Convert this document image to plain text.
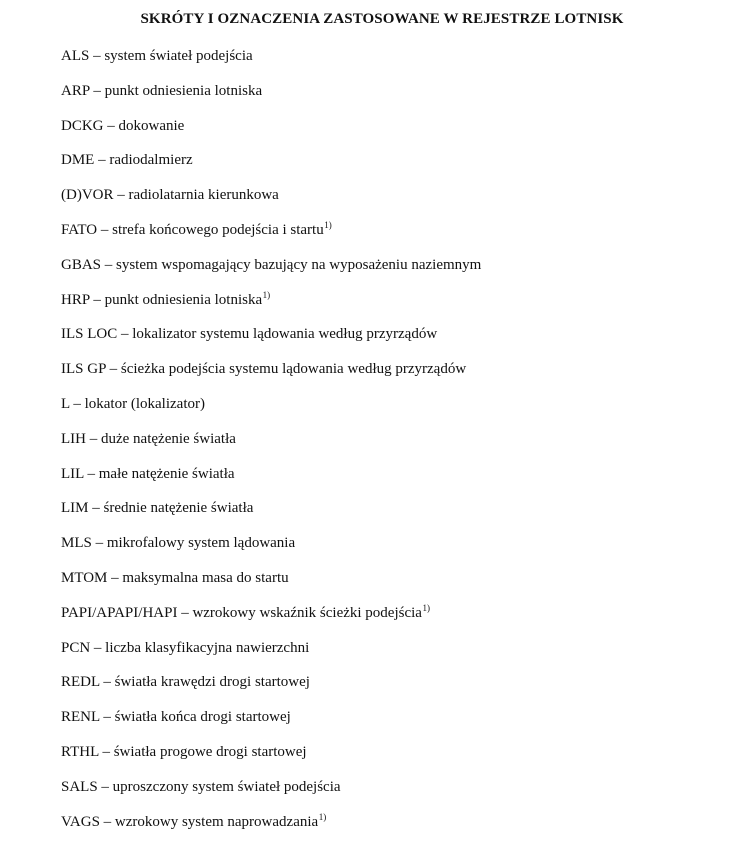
SKRÓTY I OZNACZENIA ZASTOSOWANE W REJESTRZE LOTNISK
ALS – system świateł podejścia
ARP – punkt odniesienia lotniska
DCKG – dokowanie
DME – radiodalmierz
(D)VOR – radiolatarnia kierunkowa
FATO – strefa końcowego podejścia i startu$^{1)}$
GBAS – system wspomagający bazujący na wyposażeniu naziemnym
HRP – punkt odniesienia lotniska$^{1)}$
ILS LOC – lokalizator systemu lądowania według przyrządów
ILS GP – ścieżka podejścia systemu lądowania według przyrządów
L – lokator (lokalizator)
LIH – duże natężenie światła
LIL – małe natężenie światła
LIM – średnie natężenie światła
MLS – mikrofalowy system lądowania
MTOM – maksymalna masa do startu
PAPI/APAPI/HAPI – wzrokowy wskaźnik ścieżki podejścia$^{1)}$
PCN – liczba klasyfikacyjna nawierzchni
REDL – światła krawędzi drogi startowej
RENL – światła końca drogi startowej
RTHL – światła progowe drogi startowej
SALS – uproszczony system świateł podejścia
VAGS – wzrokowy system naprowadzania$^{1)}$
